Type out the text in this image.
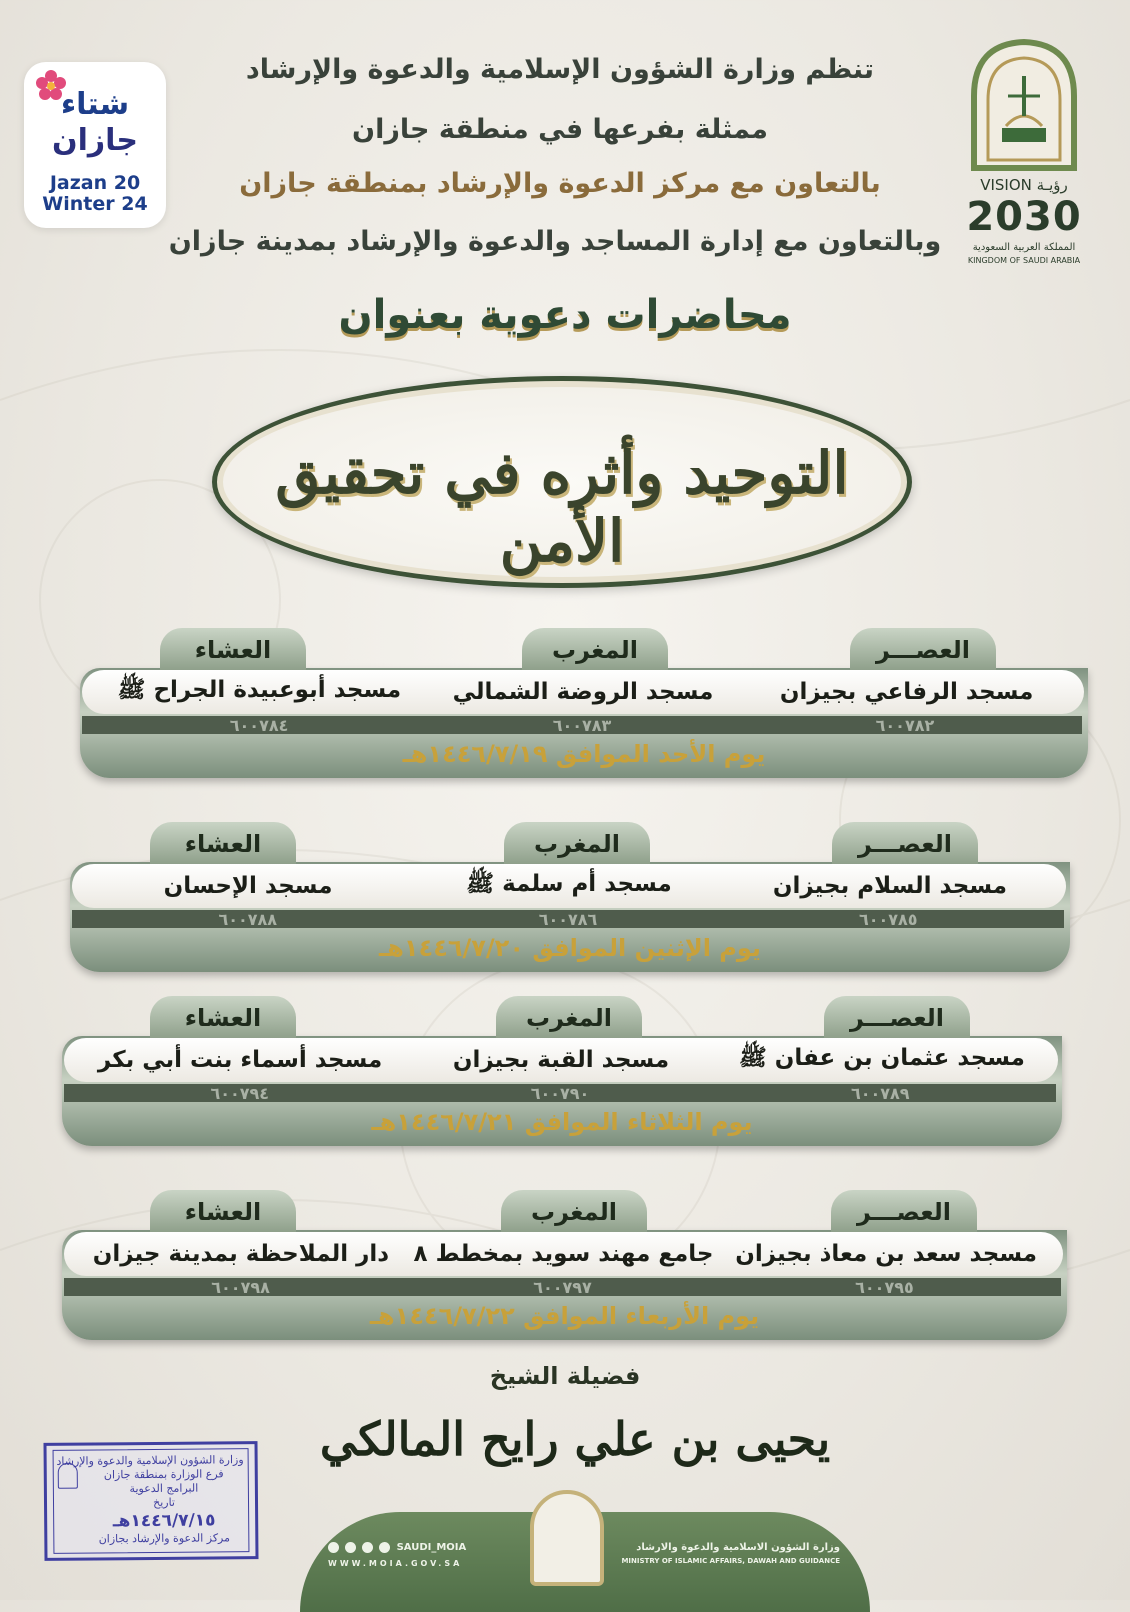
شتاء
جازان
Jazan 20
Winter 24
VISION رؤيـة
2030
المملكة العربية السعودية
KINGDOM OF SAUDI ARABIA
تنظم وزارة الشؤون الإسلامية والدعوة والإرشاد
ممثلة بفرعها في منطقة جازان
بالتعاون مع مركز الدعوة والإرشاد بمنطقة جازان
وبالتعاون مع إدارة المساجد والدعوة والإرشاد بمدينة جازان
محاضرات دعوية بعنوان
التوحيد وأثره في تحقيق الأمن
العصـــر
المغرب
العشاء
مسجد الرفاعي بجيزان
مسجد الروضة الشمالي
مسجد أبوعبيدة الجراح ﷺ
٦٠٠٧٨٢
٦٠٠٧٨٣
٦٠٠٧٨٤
يوم الأحد الموافق ١٤٤٦/٧/١٩هـ
العصـــر
المغرب
العشاء
مسجد السلام بجيزان
مسجد أم سلمة ﷺ
مسجد الإحسان
٦٠٠٧٨٥
٦٠٠٧٨٦
٦٠٠٧٨٨
يوم الإثنين الموافق ١٤٤٦/٧/٢٠هـ
العصـــر
المغرب
العشاء
مسجد عثمان بن عفان ﷺ
مسجد القبة بجيزان
مسجد أسماء بنت أبي بكر
٦٠٠٧٨٩
٦٠٠٧٩٠
٦٠٠٧٩٤
يوم الثلاثاء الموافق ١٤٤٦/٧/٢١هـ
العصـــر
المغرب
العشاء
مسجد سعد بن معاذ بجيزان
جامع مهند سويد بمخطط ٨
دار الملاحظة بمدينة جيزان
٦٠٠٧٩٥
٦٠٠٧٩٧
٦٠٠٧٩٨
يوم الأربعاء الموافق ١٤٤٦/٧/٢٢هـ
فضيلة الشيخ
يحيى بن علي رايح المالكي
وزارة الشؤون الإسلامية والدعوة والإرشاد
فرع الوزارة بمنطقة جازان
البرامج الدعوية
تاريخ
١٤٤٦/٧/١٥هـ
مركز الدعوة والإرشاد بجازان
SAUDI_MOIA
WWW.MOIA.GOV.SA
وزارة الشؤون الاسلامية والدعوة والارشاد
MINISTRY OF ISLAMIC AFFAIRS, DAWAH AND GUIDANCE
